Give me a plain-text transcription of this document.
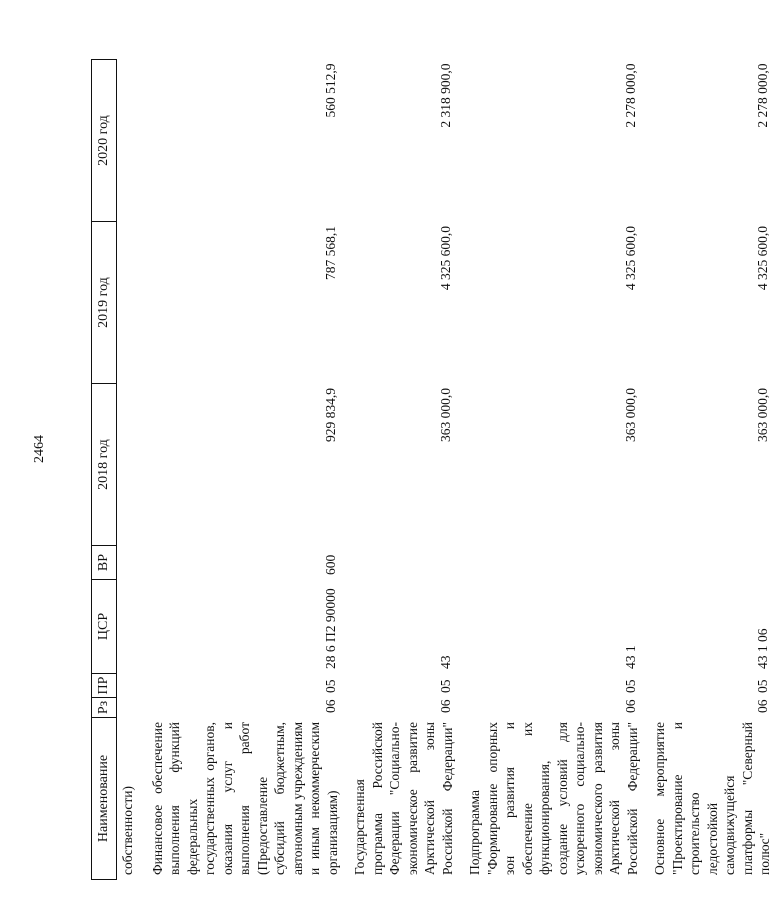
2464
Наименование	Рз	ПР	ЦСР	ВР	2018 год	2019 год	2020 год
собственности)							
Финансовое обеспечение выполнения функций федеральных государственных органов, оказания услуг и выполнения работ (Предоставление субсидий бюджетным, автономным учреждениям и иным некоммерческим организациям)	06	05	28 6 П2 90000	600	929 834,9	787 568,1	560 512,9
Государственная программа Российской Федерации "Социально-экономическое развитие Арктической зоны Российской Федерации"	06	05	43		363 000,0	4 325 600,0	2 318 900,0
Подпрограмма "Формирование опорных зон развития и обеспечение их функционирования, создание условий для ускоренного социально-экономического развития Арктической зоны Российской Федерации"	06	05	43 1		363 000,0	4 325 600,0	2 278 000,0
Основное мероприятие "Проектирование и строительство ледостойкой самодвижущейся платформы "Северный полюс"	06	05	43 1 06		363 000,0	4 325 600,0	2 278 000,0
